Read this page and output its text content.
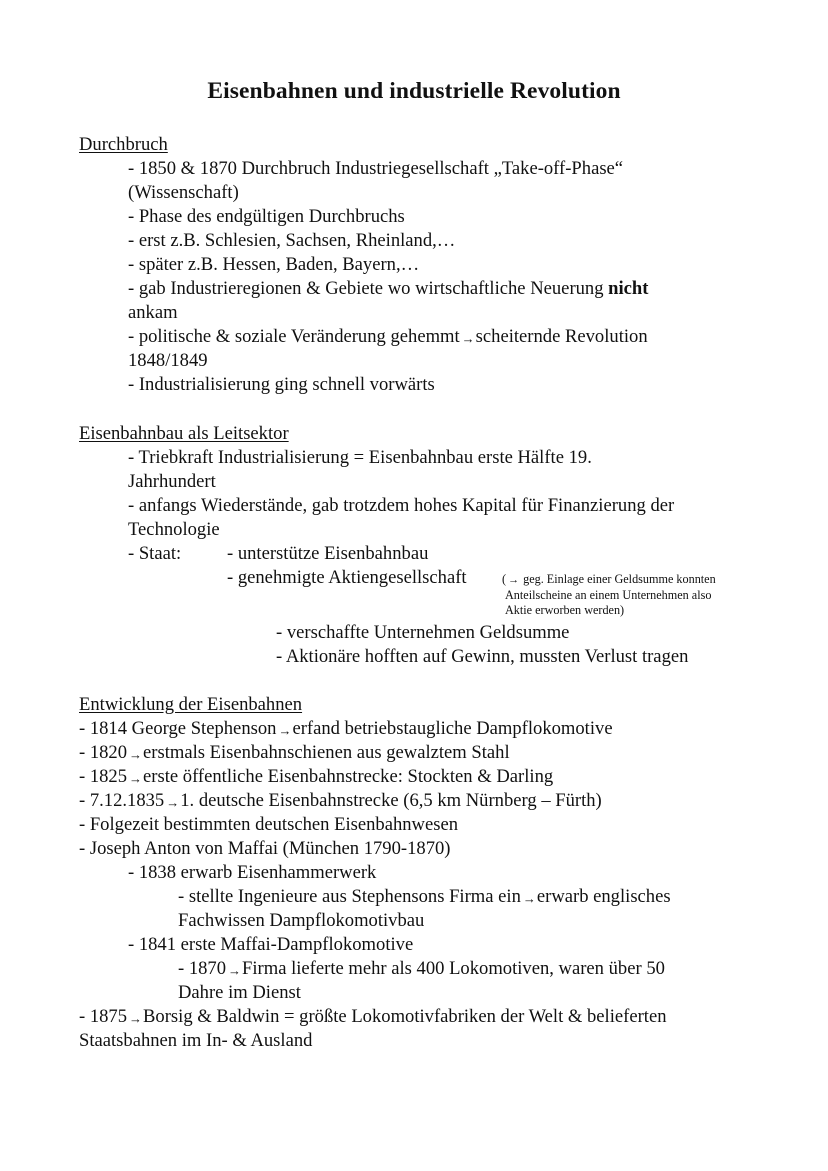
Eisenbahnen und industrielle Revolution
Durchbruch
- 1850 & 1870 Durchbruch Industriegesellschaft „Take-off-Phase“
(Wissenschaft)
- Phase des endgültigen Durchbruchs
- erst z.B. Schlesien, Sachsen, Rheinland,…
- später z.B. Hessen, Baden, Bayern,…
- gab Industrieregionen & Gebiete wo wirtschaftliche Neuerung nicht
ankam
- politische & soziale Veränderung gehemmt →scheiternde Revolution
1848/1849
- Industrialisierung ging schnell vorwärts
Eisenbahnbau als Leitsektor
- Triebkraft Industrialisierung = Eisenbahnbau erste Hälfte 19.
Jahrhundert
- anfangs Wiederstände, gab trotzdem hohes Kapital für Finanzierung der
Technologie
- Staat: - unterstütze Eisenbahnbau
- genehmigte Aktiengesellschaft	( → geg. Einlage einer Geldsumme konnten
Anteilscheine an einem Unternehmen also
Aktie erworben werden)
- verschaffte Unternehmen Geldsumme
- Aktionäre hofften auf Gewinn, mussten Verlust tragen
Entwicklung der Eisenbahnen
- 1814 George Stephenson →erfand betriebstaugliche Dampflokomotive
- 1820 →erstmals Eisenbahnschienen aus gewalztem Stahl
- 1825 →erste öffentliche Eisenbahnstrecke: Stockten & Darling
- 7.12.1835 →1. deutsche Eisenbahnstrecke (6,5 km Nürnberg – Fürth)
- Folgezeit bestimmten deutschen Eisenbahnwesen
- Joseph Anton von Maffai (München 1790-1870)
- 1838 erwarb Eisenhammerwerk
- stellte Ingenieure aus Stephensons Firma ein →erwarb englisches
Fachwissen Dampflokomotivbau
- 1841 erste Maffai-Dampflokomotive
- 1870 →Firma lieferte mehr als 400 Lokomotiven, waren über 50
Dahre im Dienst
- 1875 →Borsig & Baldwin = größte Lokomotivfabriken der Welt & belieferten
Staatsbahnen im In- & Ausland
